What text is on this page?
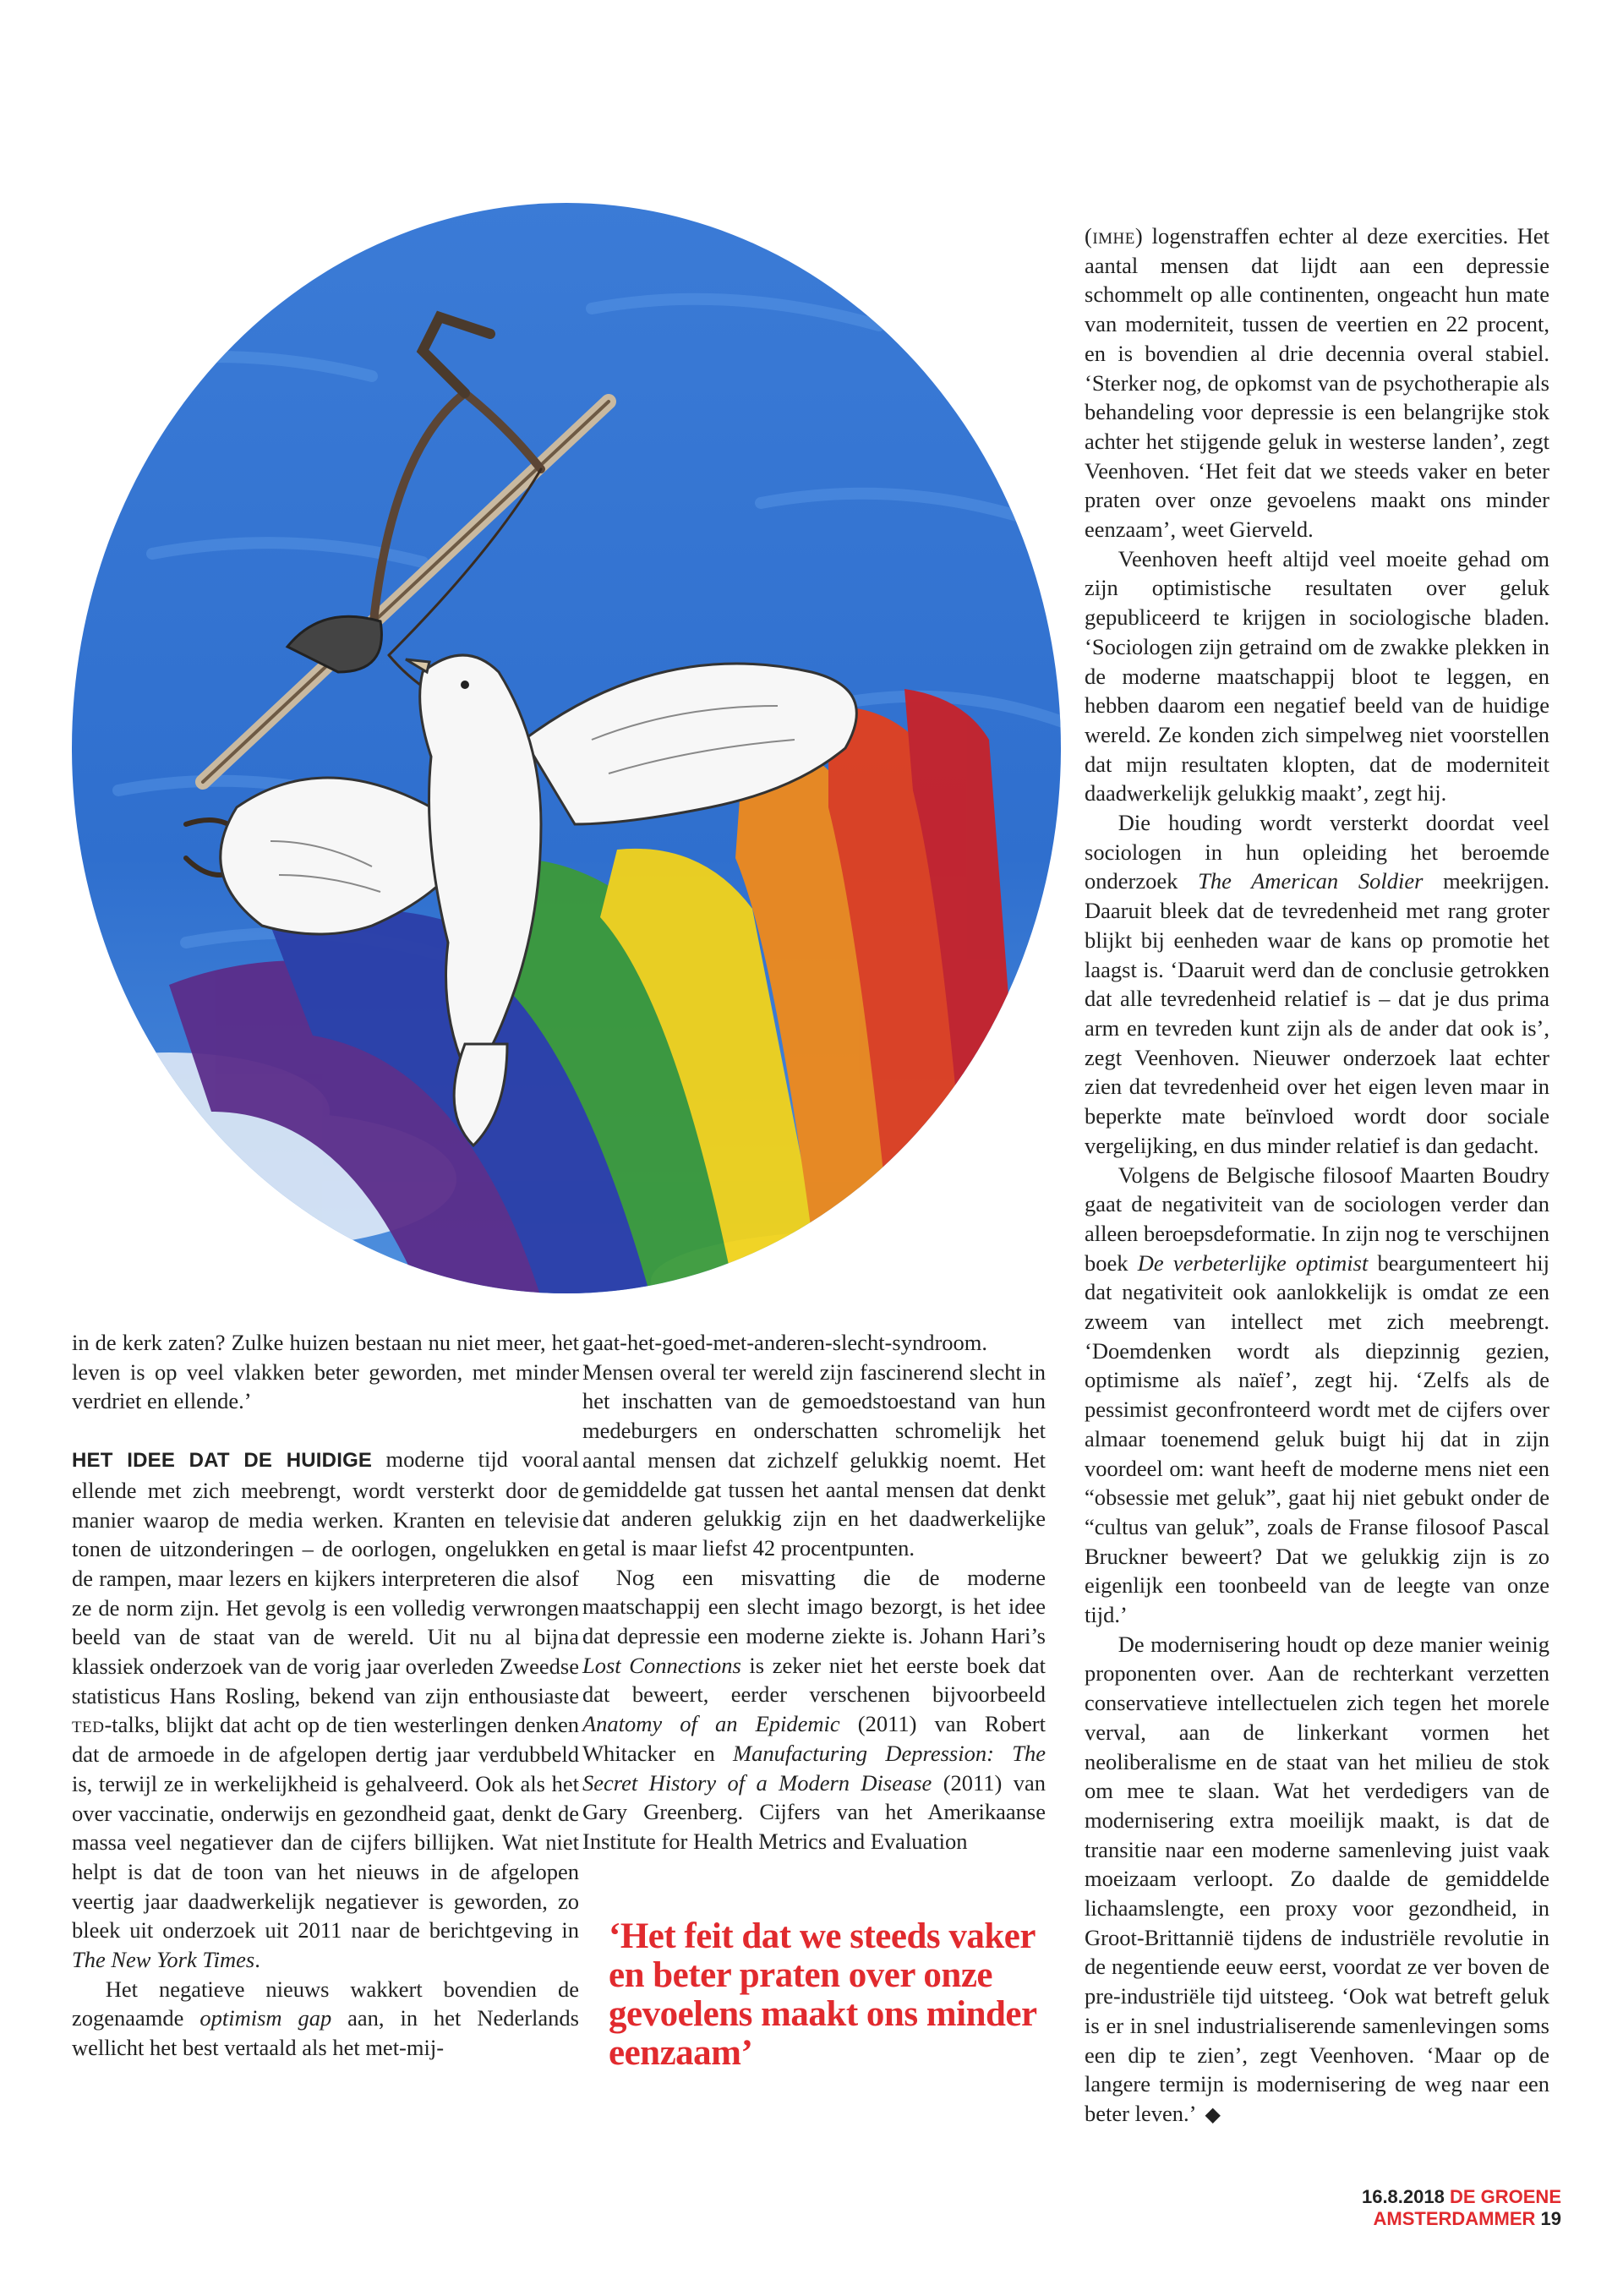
in de kerk zaten? Zulke huizen bestaan nu niet meer, het leven is op veel vlakken beter geworden, met minder verdriet en ellende.’

HET IDEE DAT DE HUIDIGE moderne tijd vooral ellende met zich meebrengt, wordt versterkt door de manier waarop de media werken. Kranten en televisie tonen de uitzonderingen – de oorlogen, ongelukken en de rampen, maar lezers en kijkers interpreteren die alsof ze de norm zijn. Het gevolg is een volledig verwrongen beeld van de staat van de wereld. Uit nu al bijna klassiek onderzoek van de vorig jaar overleden Zweedse statisticus Hans Rosling, bekend van zijn enthousiaste ted-talks, blijkt dat acht op de tien westerlingen denken dat de armoede in de afgelopen dertig jaar verdubbeld is, terwijl ze in werkelijkheid is gehalveerd. Ook als het over vaccinatie, onderwijs en gezondheid gaat, denkt de massa veel negatiever dan de cijfers billijken. Wat niet helpt is dat de toon van het nieuws in de afgelopen veertig jaar daadwerkelijk negatiever is geworden, zo bleek uit onderzoek uit 2011 naar de berichtgeving in The New York Times.

Het negatieve nieuws wakkert bovendien de zogenaamde optimism gap aan, in het Nederlands wellicht het best vertaald als het met-mij-

gaat-het-goed-met-anderen-slecht-syndroom. Mensen overal ter wereld zijn fascinerend slecht in het inschatten van de gemoedstoestand van hun medeburgers en onderschatten schromelijk het aantal mensen dat zichzelf gelukkig noemt. Het gemiddelde gat tussen het aantal mensen dat denkt dat anderen gelukkig zijn en het daadwerkelijke getal is maar liefst 42 procentpunten.

Nog een misvatting die de moderne maatschappij een slecht imago bezorgt, is het idee dat depressie een moderne ziekte is. Johann Hari’s Lost Connections is zeker niet het eerste boek dat dat beweert, eerder verschenen bijvoorbeeld Anatomy of an Epidemic (2011) van Robert Whitacker en Manufacturing Depression: The Secret History of a Modern Disease (2011) van Gary Greenberg. Cijfers van het Amerikaanse Institute for Health Metrics and Evaluation

‘Het feit dat we steeds vaker en beter praten over onze gevoelens maakt ons minder eenzaam’

(imhe) logenstraffen echter al deze exercities. Het aantal mensen dat lijdt aan een depressie schommelt op alle continenten, ongeacht hun mate van moderniteit, tussen de veertien en 22 procent, en is bovendien al drie decennia overal stabiel. ‘Sterker nog, de opkomst van de psychotherapie als behandeling voor depressie is een belangrijke stok achter het stijgende geluk in westerse landen’, zegt Veenhoven. ‘Het feit dat we steeds vaker en beter praten over onze gevoelens maakt ons minder eenzaam’, weet Gierveld.

Veenhoven heeft altijd veel moeite gehad om zijn optimistische resultaten over geluk gepubliceerd te krijgen in sociologische bladen. ‘Sociologen zijn getraind om de zwakke plekken in de moderne maatschappij bloot te leggen, en hebben daarom een negatief beeld van de huidige wereld. Ze konden zich simpelweg niet voorstellen dat mijn resultaten klopten, dat de moderniteit daadwerkelijk gelukkig maakt’, zegt hij.

Die houding wordt versterkt doordat veel sociologen in hun opleiding het beroemde onderzoek The American Soldier meekrijgen. Daaruit bleek dat de tevredenheid met rang groter blijkt bij eenheden waar de kans op promotie het laagst is. ‘Daaruit werd dan de conclusie getrokken dat alle tevredenheid relatief is – dat je dus prima arm en tevreden kunt zijn als de ander dat ook is’, zegt Veenhoven. Nieuwer onderzoek laat echter zien dat tevredenheid over het eigen leven maar in beperkte mate beïnvloed wordt door sociale vergelijking, en dus minder relatief is dan gedacht.

Volgens de Belgische filosoof Maarten Boudry gaat de negativiteit van de sociologen verder dan alleen beroepsdeformatie. In zijn nog te verschijnen boek De verbeterlijke optimist beargumenteert hij dat negativiteit ook aanlokkelijk is omdat ze een zweem van intellect met zich meebrengt. ‘Doemdenken wordt als diepzinnig gezien, optimisme als naïef’, zegt hij. ‘Zelfs als de pessimist geconfronteerd wordt met de cijfers over almaar toenemend geluk buigt hij dat in zijn voordeel om: want heeft de moderne mens niet een “obsessie met geluk”, gaat hij niet gebukt onder de “cultus van geluk”, zoals de Franse filosoof Pascal Bruckner beweert? Dat we gelukkig zijn is zo eigenlijk een toonbeeld van de leegte van onze tijd.’

De modernisering houdt op deze manier weinig proponenten over. Aan de rechterkant verzetten conservatieve intellectuelen zich tegen het morele verval, aan de linkerkant vormen het neoliberalisme en de staat van het milieu de stok om mee te slaan. Wat het verdedigers van de modernisering extra moeilijk maakt, is dat de transitie naar een moderne samenleving juist vaak moeizaam verloopt. Zo daalde de gemiddelde lichaamslengte, een proxy voor gezondheid, in Groot-Brittannië tijdens de industriële revolutie in de negentiende eeuw eerst, voordat ze ver boven de pre-industriële tijd uitsteeg. ‘Ook wat betreft geluk is er in snel industrialiserende samenlevingen soms een dip te zien’, zegt Veenhoven. ‘Maar op de langere termijn is modernisering de weg naar een beter leven.’ ◆

16.8.2018 DE GROENE AMSTERDAMMER 19
